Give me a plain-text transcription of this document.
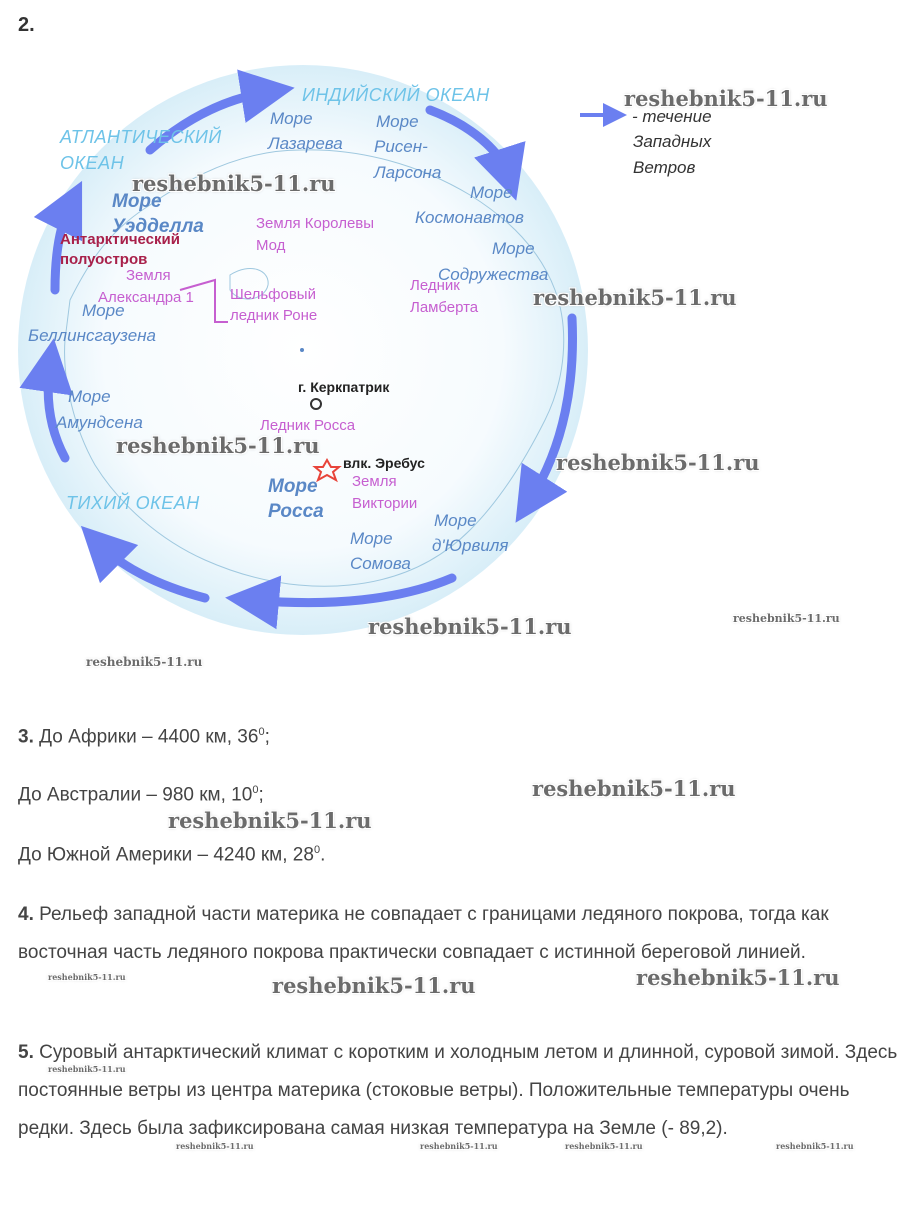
2.
ИНДИЙСКИЙ ОКЕАН
АТЛАНТИЧЕСКИЙ
ОКЕАН
ТИХИЙ ОКЕАН
Море
Лазарева
Море
Рисен-
Ларсона
Море
Космонавтов
Море
Содружества
Море
Уэдделла
Море
Беллинсгаузена
Море
Амундсена
Море
Росса
Море
Сомова
Море
д'Юрвиля
Земля Королевы
Мод
Ледник
Ламберта
Земля
Александра 1 Шельфовый
ледник Роне
Ледник Росса
Земля
Виктории
Антарктический
полуостров
г. Керкпатрик
влк. Эребус
- течение
Западных
Ветров
reshebnik5-11.ru
reshebnik5-11.ru
reshebnik5-11.ru
reshebnik5-11.ru
reshebnik5-11.ru
reshebnik5-11.ru	reshebnik5-11.ru
reshebnik5-11.ru
3. До Африки – 4400 км, $36^0$;
До Австралии – 980 км, $10^0$;
До Южной Америки – 4240 км, $28^0$.
reshebnik5-11.ru
reshebnik5-11.ru
4. Рельеф западной части материка не совпадает с границами ледяного покрова, тогда как восточная часть ледяного покрова практически совпадает с истинной береговой линией.
reshebnik5-11.ru	reshebnik5-11.ru	reshebnik5-11.ru
5. Суровый антарктический климат с коротким и холодным летом и длинной, суровой зимой. Здесь постоянные ветры из центра материка (стоковые ветры). Положительные температуры очень редки. Здесь была зафиксирована самая низкая температура на Земле (- 89,2).
reshebnik5-11.ru
reshebnik5-11.ru	reshebnik5-11.ru	reshebnik5-11.ru	reshebnik5-11.ru
